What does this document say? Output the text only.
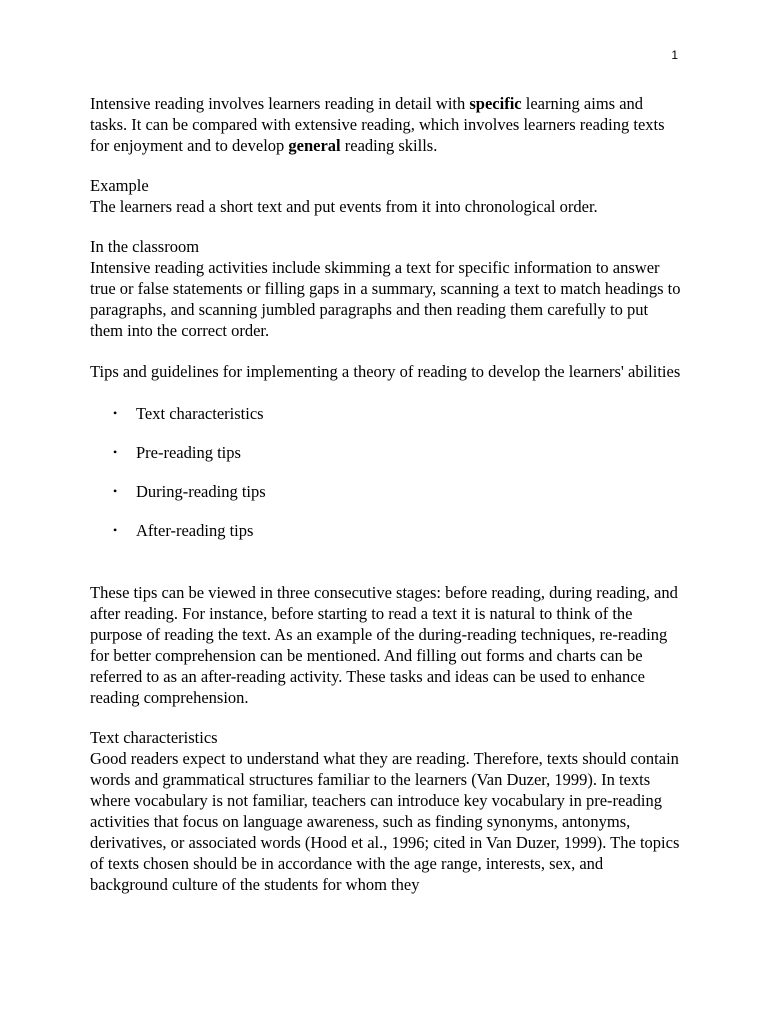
1

Intensive reading involves learners reading in detail with specific learning aims and tasks. It can be compared with extensive reading, which involves learners reading texts for enjoyment and to develop general reading skills.

Example

The learners read a short text and put events from it into chronological order.

In the classroom

Intensive reading activities include skimming a text for specific information to answer true or false statements or filling gaps in a summary, scanning a text to match headings to paragraphs, and scanning jumbled paragraphs and then reading them carefully to put them into the correct order.

Tips and guidelines for implementing a theory of reading to develop the learners' abilities

• Text characteristics
• Pre-reading tips
• During-reading tips
• After-reading tips

These tips can be viewed in three consecutive stages: before reading, during reading, and after reading. For instance, before starting to read a text it is natural to think of the purpose of reading the text. As an example of the during-reading techniques, re-reading for better comprehension can be mentioned. And filling out forms and charts can be referred to as an after-reading activity. These tasks and ideas can be used to enhance reading comprehension.

Text characteristics

Good readers expect to understand what they are reading. Therefore, texts should contain words and grammatical structures familiar to the learners (Van Duzer, 1999). In texts where vocabulary is not familiar, teachers can introduce key vocabulary in pre-reading activities that focus on language awareness, such as finding synonyms, antonyms, derivatives, or associated words (Hood et al., 1996; cited in Van Duzer, 1999). The topics of texts chosen should be in accordance with the age range, interests, sex, and background culture of the students for whom they
